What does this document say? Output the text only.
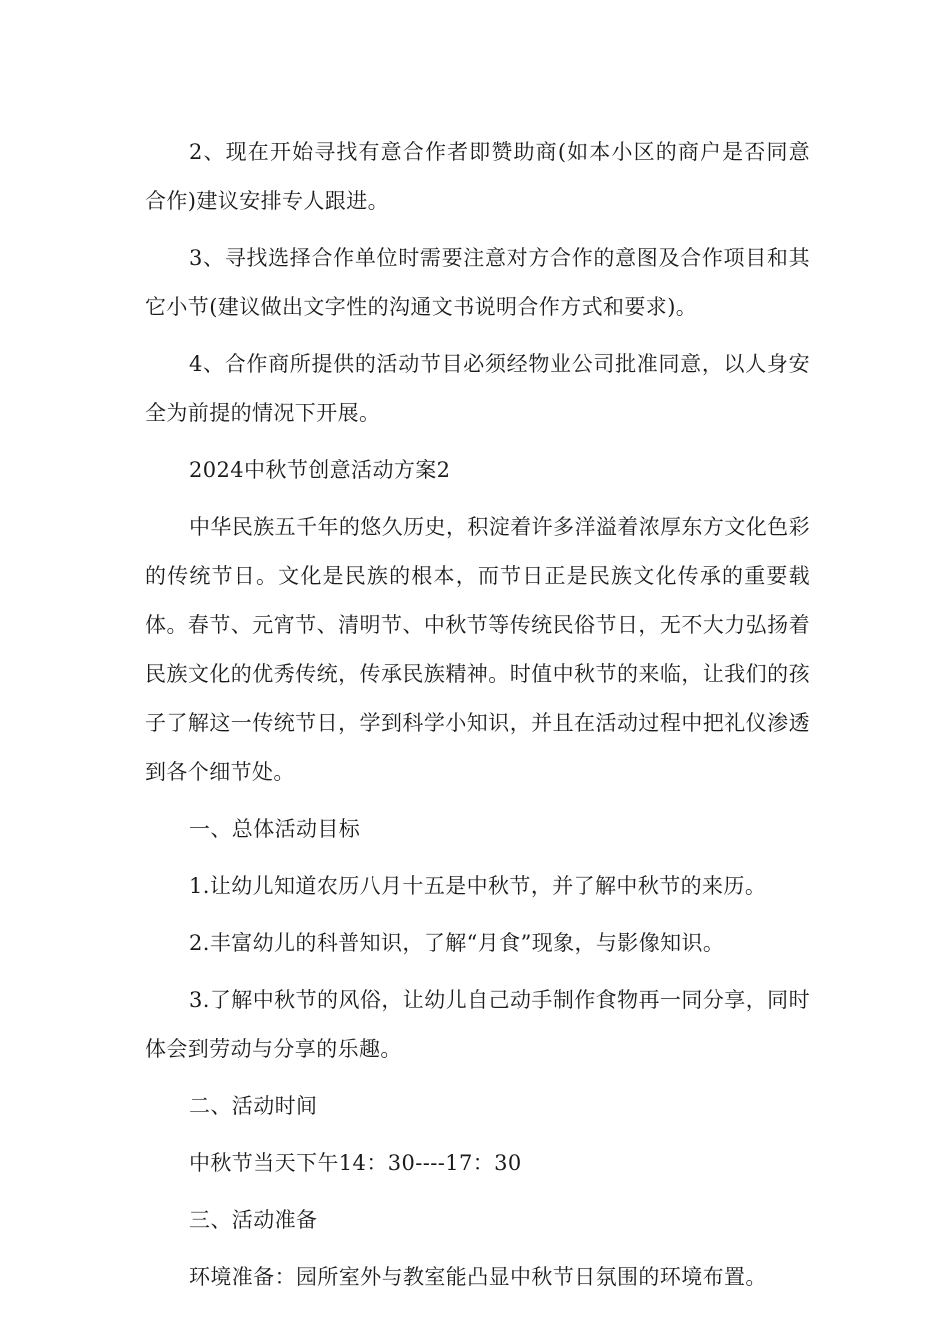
2、现在开始寻找有意合作者即赞助商(如本小区的商户是否同意合作)建议安排专人跟进。

3、寻找选择合作单位时需要注意对方合作的意图及合作项目和其它小节(建议做出文字性的沟通文书说明合作方式和要求)。

4、合作商所提供的活动节目必须经物业公司批准同意，以人身安全为前提的情况下开展。

2024中秋节创意活动方案2

中华民族五千年的悠久历史，积淀着许多洋溢着浓厚东方文化色彩的传统节日。文化是民族的根本，而节日正是民族文化传承的重要载体。春节、元宵节、清明节、中秋节等传统民俗节日，无不大力弘扬着民族文化的优秀传统，传承民族精神。时值中秋节的来临，让我们的孩子了解这一传统节日，学到科学小知识，并且在活动过程中把礼仪渗透到各个细节处。

一、总体活动目标

1.让幼儿知道农历八月十五是中秋节，并了解中秋节的来历。

2.丰富幼儿的科普知识，了解“月食”现象，与影像知识。

3.了解中秋节的风俗，让幼儿自己动手制作食物再一同分享，同时体会到劳动与分享的乐趣。

二、活动时间

中秋节当天下午14：30----17：30

三、活动准备

环境准备：园所室外与教室能凸显中秋节日氛围的环境布置。
